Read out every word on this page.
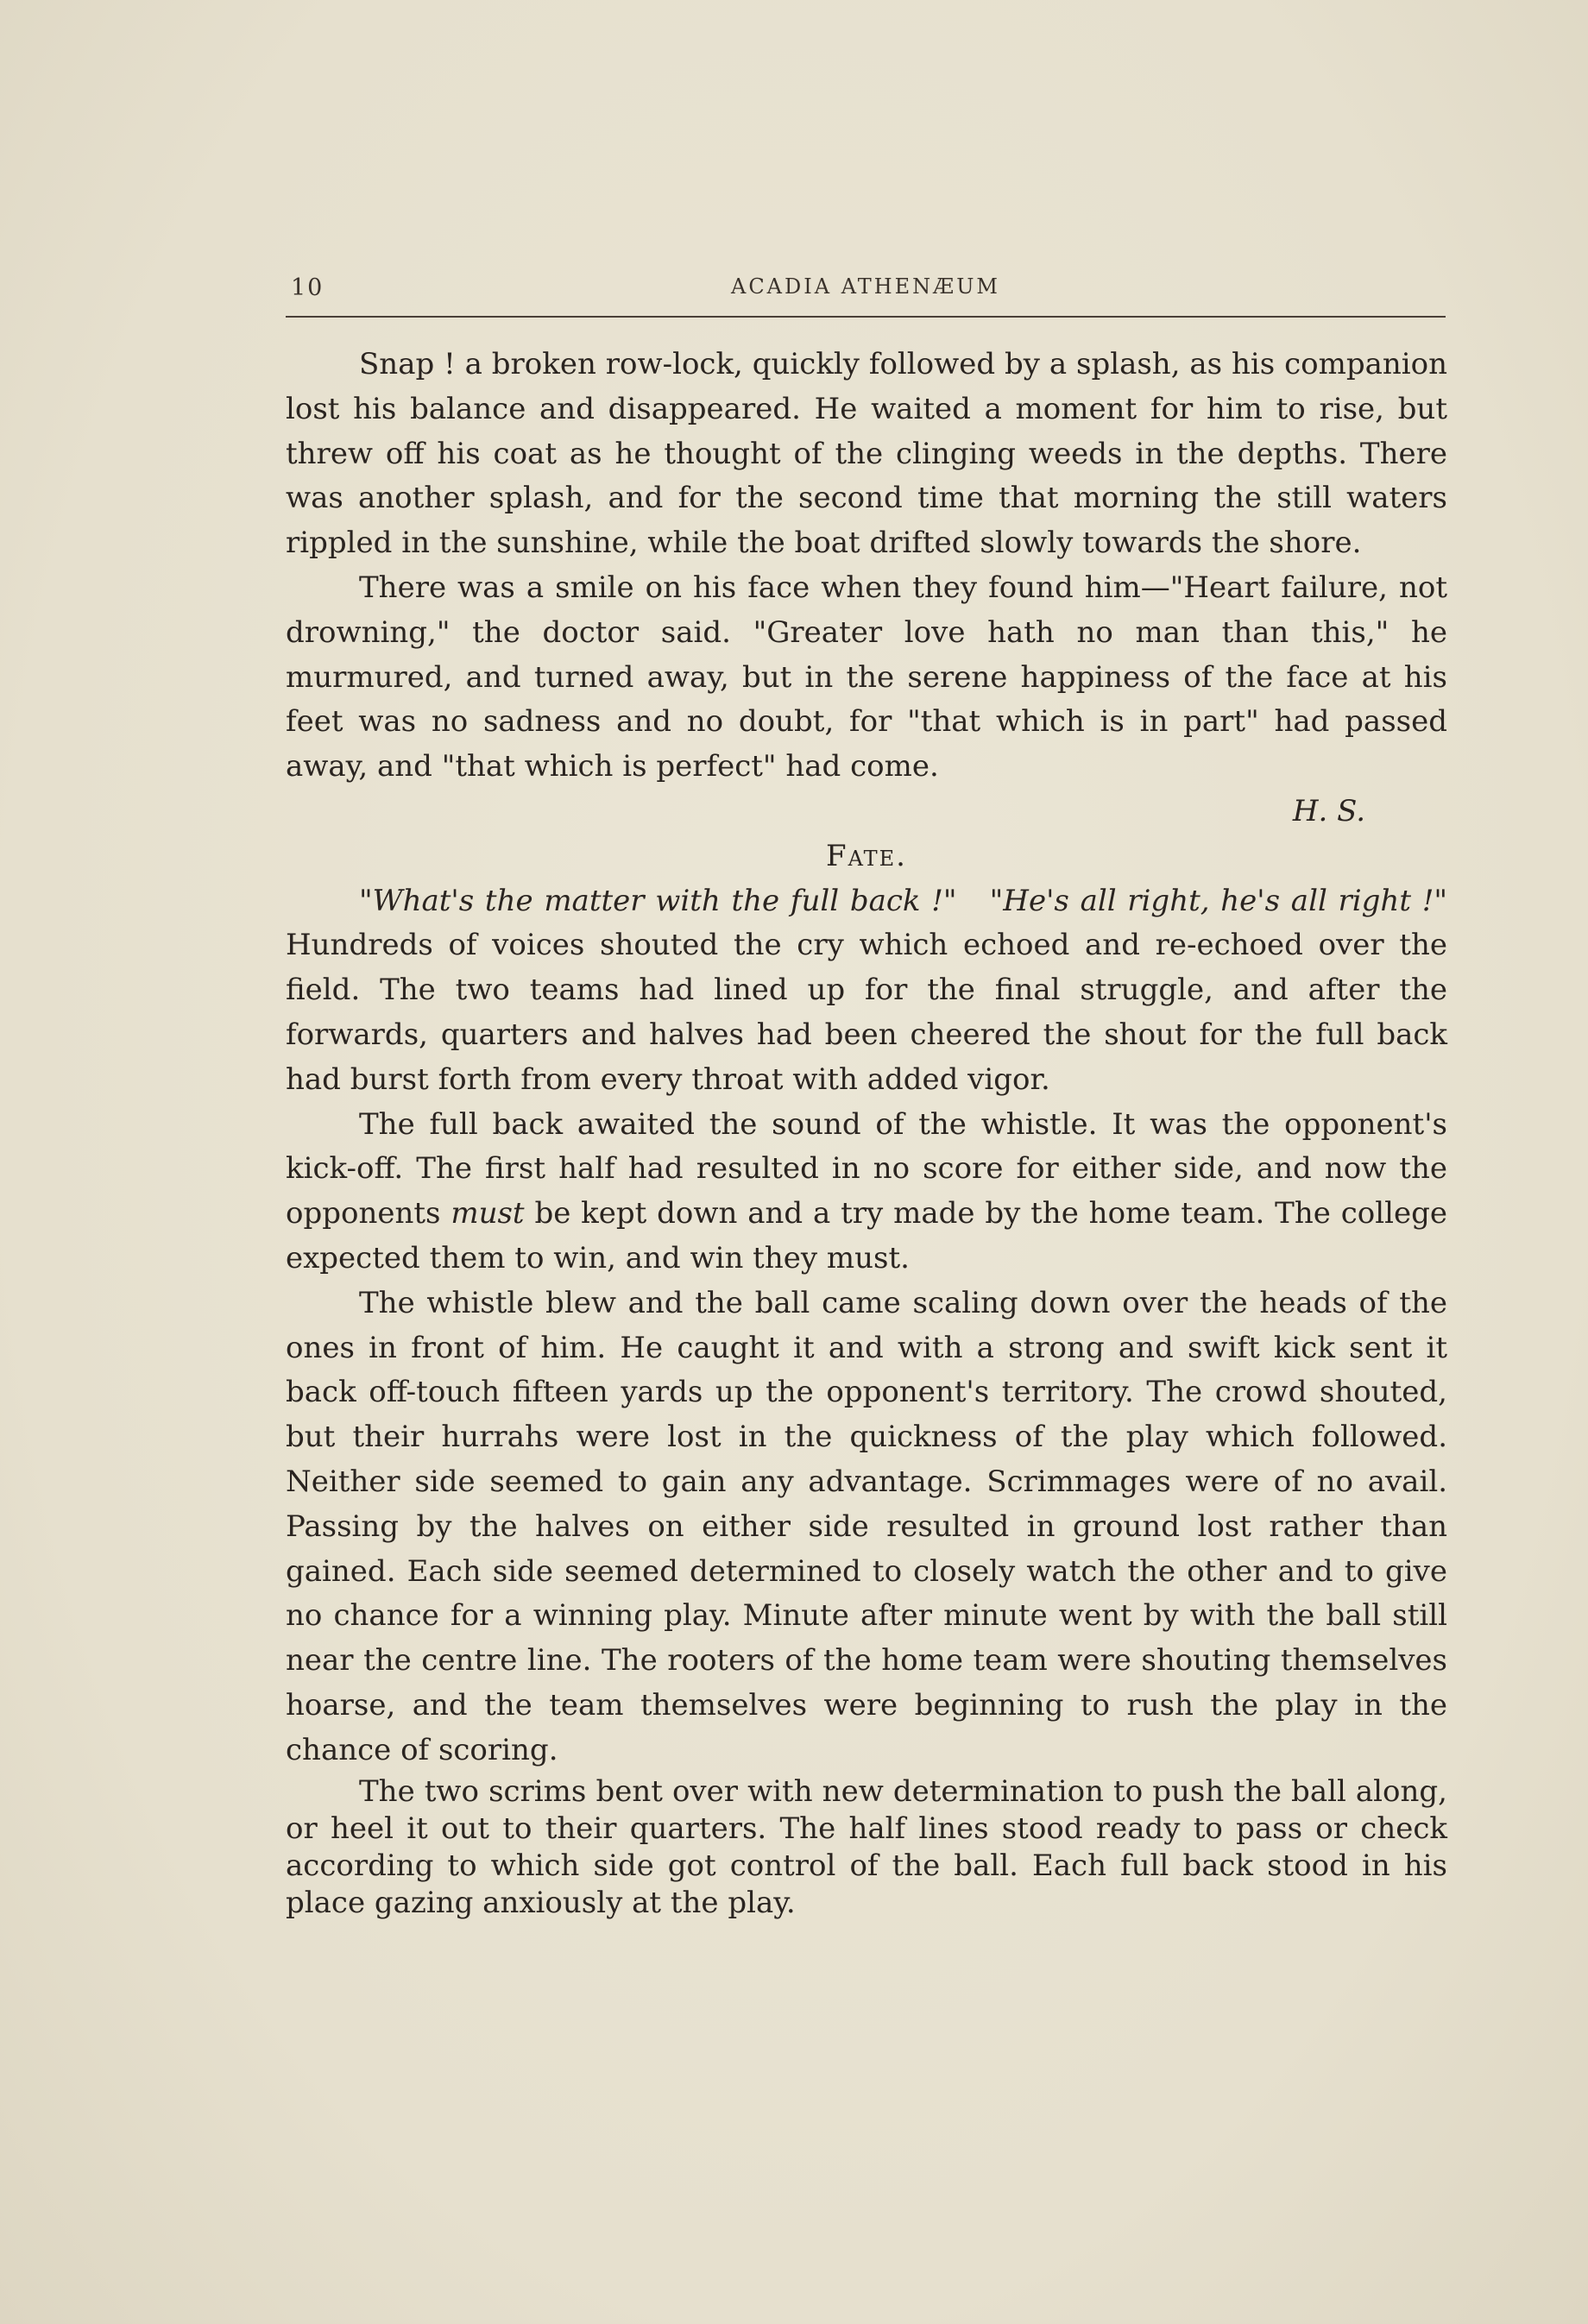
10	ACADIA ATHENÆUM

Snap ! a broken row-lock, quickly followed by a splash, as his companion lost his balance and disappeared. He waited a moment for him to rise, but threw off his coat as he thought of the clinging weeds in the depths. There was another splash, and for the second time that morning the still waters rippled in the sunshine, while the boat drifted slowly towards the shore.

There was a smile on his face when they found him—"Heart failure, not drowning," the doctor said. "Greater love hath no man than this," he murmured, and turned away, but in the serene happiness of the face at his feet was no sadness and no doubt, for "that which is in part" had passed away, and "that which is perfect" had come.

H. S.
Fate.

"What's the matter with the full back !" "He's all right, he's all right !" Hundreds of voices shouted the cry which echoed and re-echoed over the field. The two teams had lined up for the final struggle, and after the forwards, quarters and halves had been cheered the shout for the full back had burst forth from every throat with added vigor.

The full back awaited the sound of the whistle. It was the opponent's kick-off. The first half had resulted in no score for either side, and now the opponents must be kept down and a try made by the home team. The college expected them to win, and win they must.

The whistle blew and the ball came scaling down over the heads of the ones in front of him. He caught it and with a strong and swift kick sent it back off-touch fifteen yards up the opponent's territory. The crowd shouted, but their hurrahs were lost in the quickness of the play which followed. Neither side seemed to gain any advantage. Scrimmages were of no avail. Passing by the halves on either side resulted in ground lost rather than gained. Each side seemed determined to closely watch the other and to give no chance for a winning play. Minute after minute went by with the ball still near the centre line. The rooters of the home team were shouting themselves hoarse, and the team themselves were beginning to rush the play in the chance of scoring.

The two scrims bent over with new determination to push the ball along, or heel it out to their quarters. The half lines stood ready to pass or check according to which side got control of the ball. Each full back stood in his place gazing anxiously at the play.
